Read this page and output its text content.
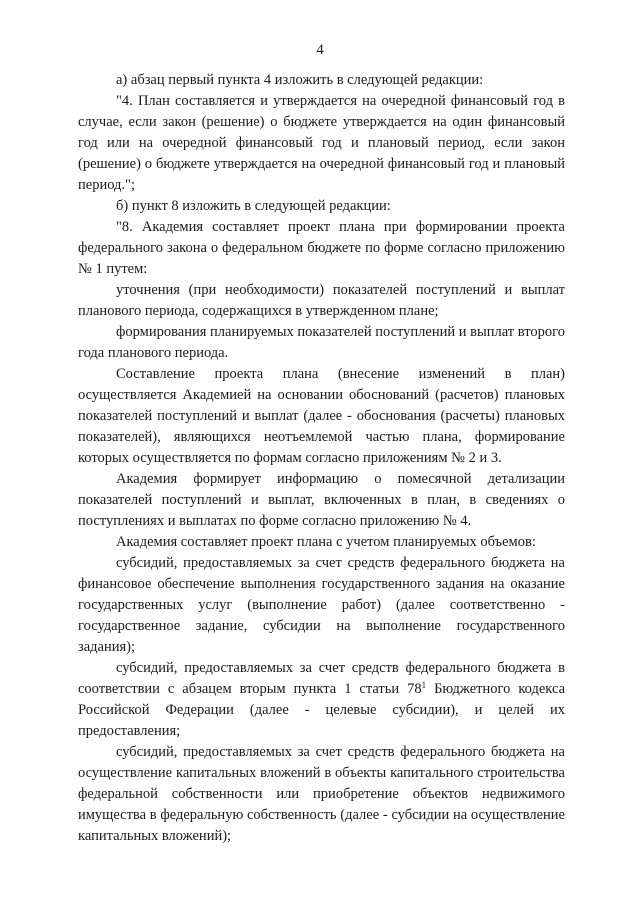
4

а) абзац первый пункта 4 изложить в следующей редакции:

"4. План составляется и утверждается на очередной финансовый год в случае, если закон (решение) о бюджете утверждается на один финансовый год или на очередной финансовый год и плановый период, если закон (решение) о бюджете утверждается на очередной финансовый год и плановый период.";

б) пункт 8 изложить в следующей редакции:

"8. Академия составляет проект плана при формировании проекта федерального закона о федеральном бюджете по форме согласно приложению № 1 путем:

уточнения (при необходимости) показателей поступлений и выплат планового периода, содержащихся в утвержденном плане;

формирования планируемых показателей поступлений и выплат второго года планового периода.

Составление проекта плана (внесение изменений в план) осуществляется Академией на основании обоснований (расчетов) плановых показателей поступлений и выплат (далее - обоснования (расчеты) плановых показателей), являющихся неотъемлемой частью плана, формирование которых осуществляется по формам согласно приложениям № 2 и 3.

Академия формирует информацию о помесячной детализации показателей поступлений и выплат, включенных в план, в сведениях о поступлениях и выплатах по форме согласно приложению № 4.

Академия составляет проект плана с учетом планируемых объемов:

субсидий, предоставляемых за счет средств федерального бюджета на финансовое обеспечение выполнения государственного задания на оказание государственных услуг (выполнение работ) (далее соответственно - государственное задание, субсидии на выполнение государственного задания);

субсидий, предоставляемых за счет средств федерального бюджета в соответствии с абзацем вторым пункта 1 статьи $78^1$ Бюджетного кодекса Российской Федерации (далее - целевые субсидии), и целей их предоставления;

субсидий, предоставляемых за счет средств федерального бюджета на осуществление капитальных вложений в объекты капитального строительства федеральной собственности или приобретение объектов недвижимого имущества в федеральную собственность (далее - субсидии на осуществление капитальных вложений);
